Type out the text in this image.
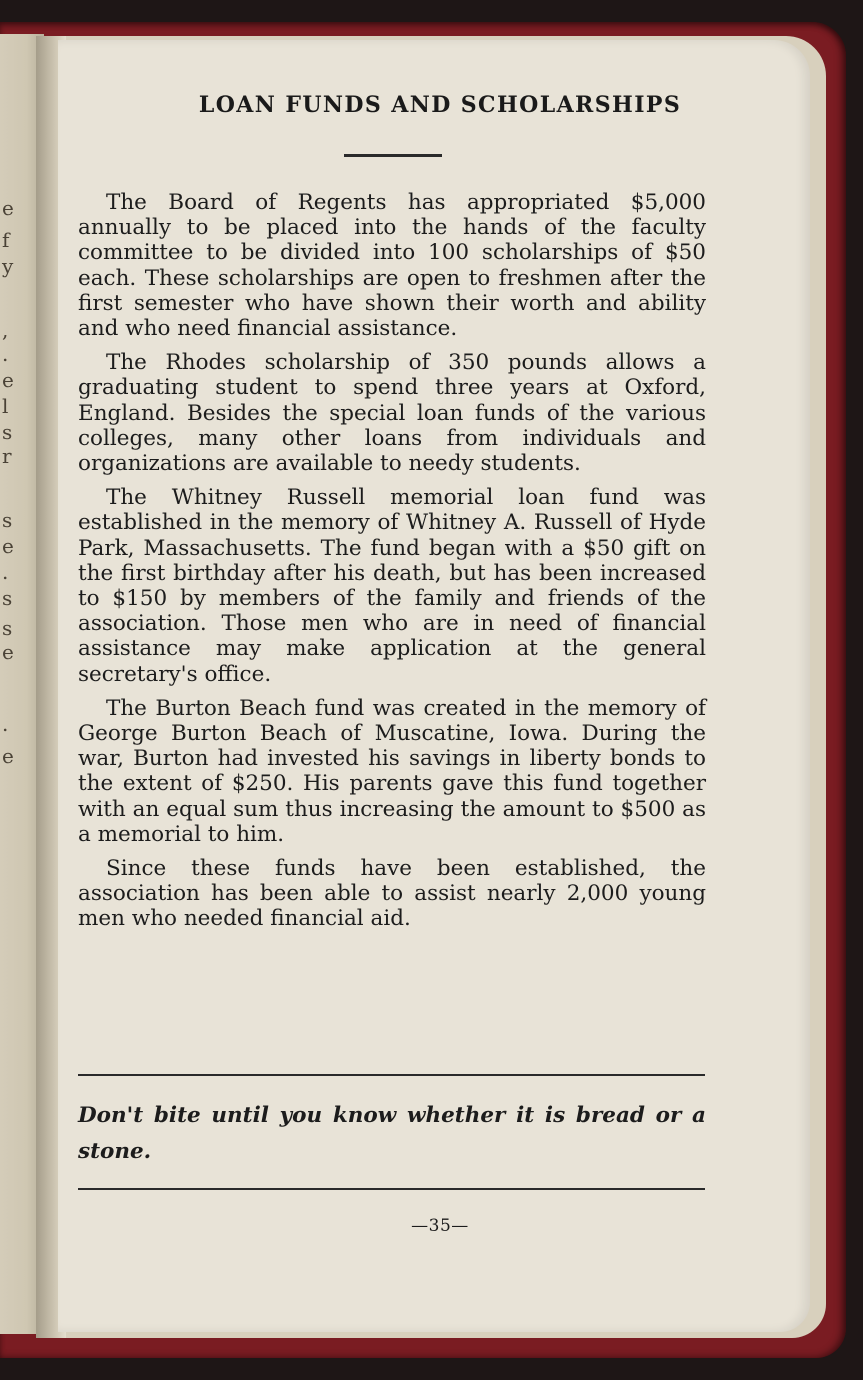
e
f
y
,
.
e
l
s
r
s
e
.
s
s
e
.
e
LOAN FUNDS AND SCHOLARSHIPS

The Board of Regents has appropriated $5,000 annually to be placed into the hands of the faculty committee to be divided into 100 scholarships of $50 each. These scholarships are open to freshmen after the first semester who have shown their worth and ability and who need financial assistance.

The Rhodes scholarship of 350 pounds allows a graduating student to spend three years at Oxford, England. Besides the special loan funds of the various colleges, many other loans from individuals and organizations are available to needy students.

The Whitney Russell memorial loan fund was established in the memory of Whitney A. Russell of Hyde Park, Massachusetts. The fund began with a $50 gift on the first birthday after his death, but has been increased to $150 by members of the family and friends of the association. Those men who are in need of financial assistance may make application at the general secretary's office.

The Burton Beach fund was created in the memory of George Burton Beach of Muscatine, Iowa. During the war, Burton had invested his savings in liberty bonds to the extent of $250. His parents gave this fund together with an equal sum thus increasing the amount to $500 as a memorial to him.

Since these funds have been established, the association has been able to assist nearly 2,000 young men who needed financial aid.

Don't bite until you know whether it is bread or a stone.
—35—
